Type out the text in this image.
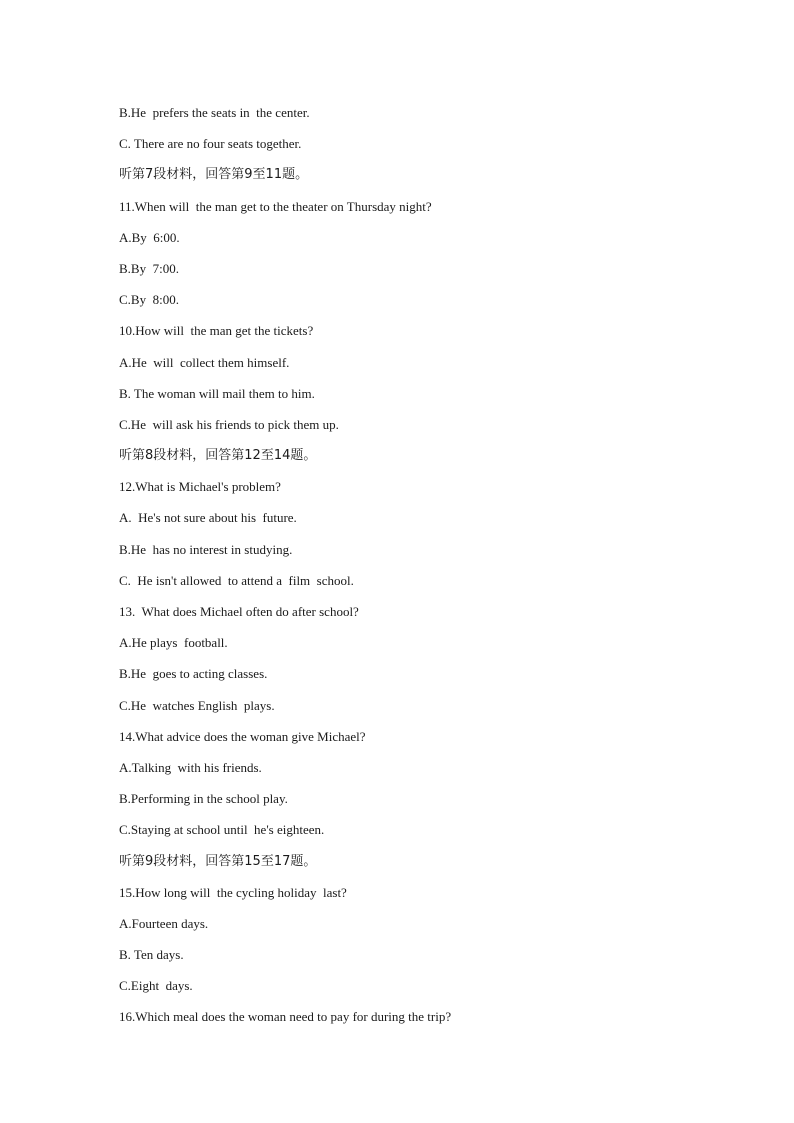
B.He  prefers the seats in  the center.
C. There are no four seats together.
听第7段材料，回答第9至11题。
11.When will  the man get to the theater on Thursday night?
A.By  6:00.
B.By  7:00.
C.By  8:00.
10.How will  the man get the tickets?
A.He  will  collect them himself.
B. The woman will mail them to him.
C.He  will ask his friends to pick them up.
听第8段材料，回答第12至14题。
12.What is Michael's problem?
A.  He's not sure about his  future.
B.He  has no interest in studying.
C.  He isn't allowed  to attend a  film  school.
13.  What does Michael often do after school?
A.He plays  football.
B.He  goes to acting classes.
C.He  watches English  plays.
14.What advice does the woman give Michael?
A.Talking  with his friends.
B.Performing in the school play.
C.Staying at school until  he's eighteen.
听第9段材料，回答第15至17题。
15.How long will  the cycling holiday  last?
A.Fourteen days.
B. Ten days.
C.Eight  days.
16.Which meal does the woman need to pay for during the trip?
